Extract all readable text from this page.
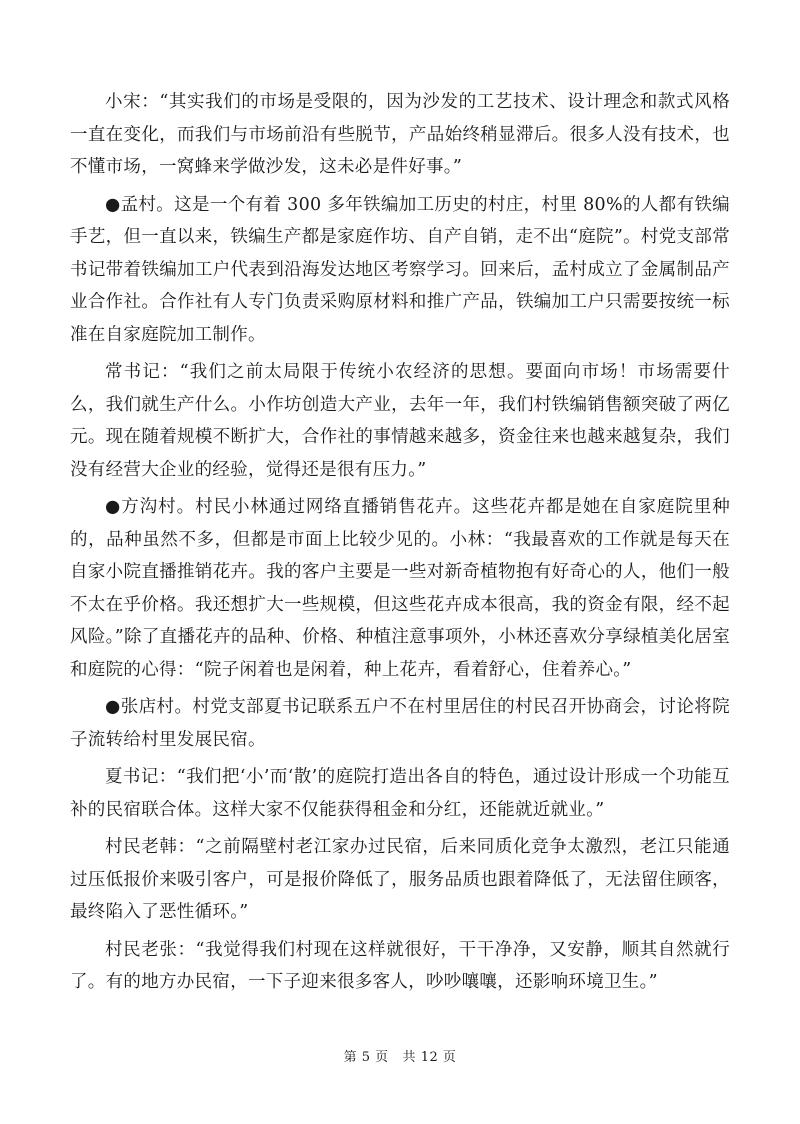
小宋：“其实我们的市场是受限的，因为沙发的工艺技术、设计理念和款式风格一直在变化，而我们与市场前沿有些脱节，产品始终稍显滞后。很多人没有技术，也不懂市场，一窝蜂来学做沙发，这未必是件好事。”

●孟村。这是一个有着 300 多年铁编加工历史的村庄，村里 80%的人都有铁编手艺，但一直以来，铁编生产都是家庭作坊、自产自销，走不出“庭院”。村党支部常书记带着铁编加工户代表到沿海发达地区考察学习。回来后，孟村成立了金属制品产业合作社。合作社有人专门负责采购原材料和推广产品，铁编加工户只需要按统一标准在自家庭院加工制作。

常书记：“我们之前太局限于传统小农经济的思想。要面向市场！市场需要什么，我们就生产什么。小作坊创造大产业，去年一年，我们村铁编销售额突破了两亿元。现在随着规模不断扩大，合作社的事情越来越多，资金往来也越来越复杂，我们没有经营大企业的经验，觉得还是很有压力。”

●方沟村。村民小林通过网络直播销售花卉。这些花卉都是她在自家庭院里种的，品种虽然不多，但都是市面上比较少见的。小林：“我最喜欢的工作就是每天在自家小院直播推销花卉。我的客户主要是一些对新奇植物抱有好奇心的人，他们一般不太在乎价格。我还想扩大一些规模，但这些花卉成本很高，我的资金有限，经不起风险。”除了直播花卉的品种、价格、种植注意事项外，小林还喜欢分享绿植美化居室和庭院的心得：“院子闲着也是闲着，种上花卉，看着舒心，住着养心。”

●张店村。村党支部夏书记联系五户不在村里居住的村民召开协商会，讨论将院子流转给村里发展民宿。

夏书记：“我们把‘小’而‘散’的庭院打造出各自的特色，通过设计形成一个功能互补的民宿联合体。这样大家不仅能获得租金和分红，还能就近就业。”

村民老韩：“之前隔壁村老江家办过民宿，后来同质化竞争太激烈，老江只能通过压低报价来吸引客户，可是报价降低了，服务品质也跟着降低了，无法留住顾客，最终陷入了恶性循环。”

村民老张：“我觉得我们村现在这样就很好，干干净净，又安静，顺其自然就行了。有的地方办民宿，一下子迎来很多客人，吵吵嚷嚷，还影响环境卫生。”

第 5 页   共 12 页
